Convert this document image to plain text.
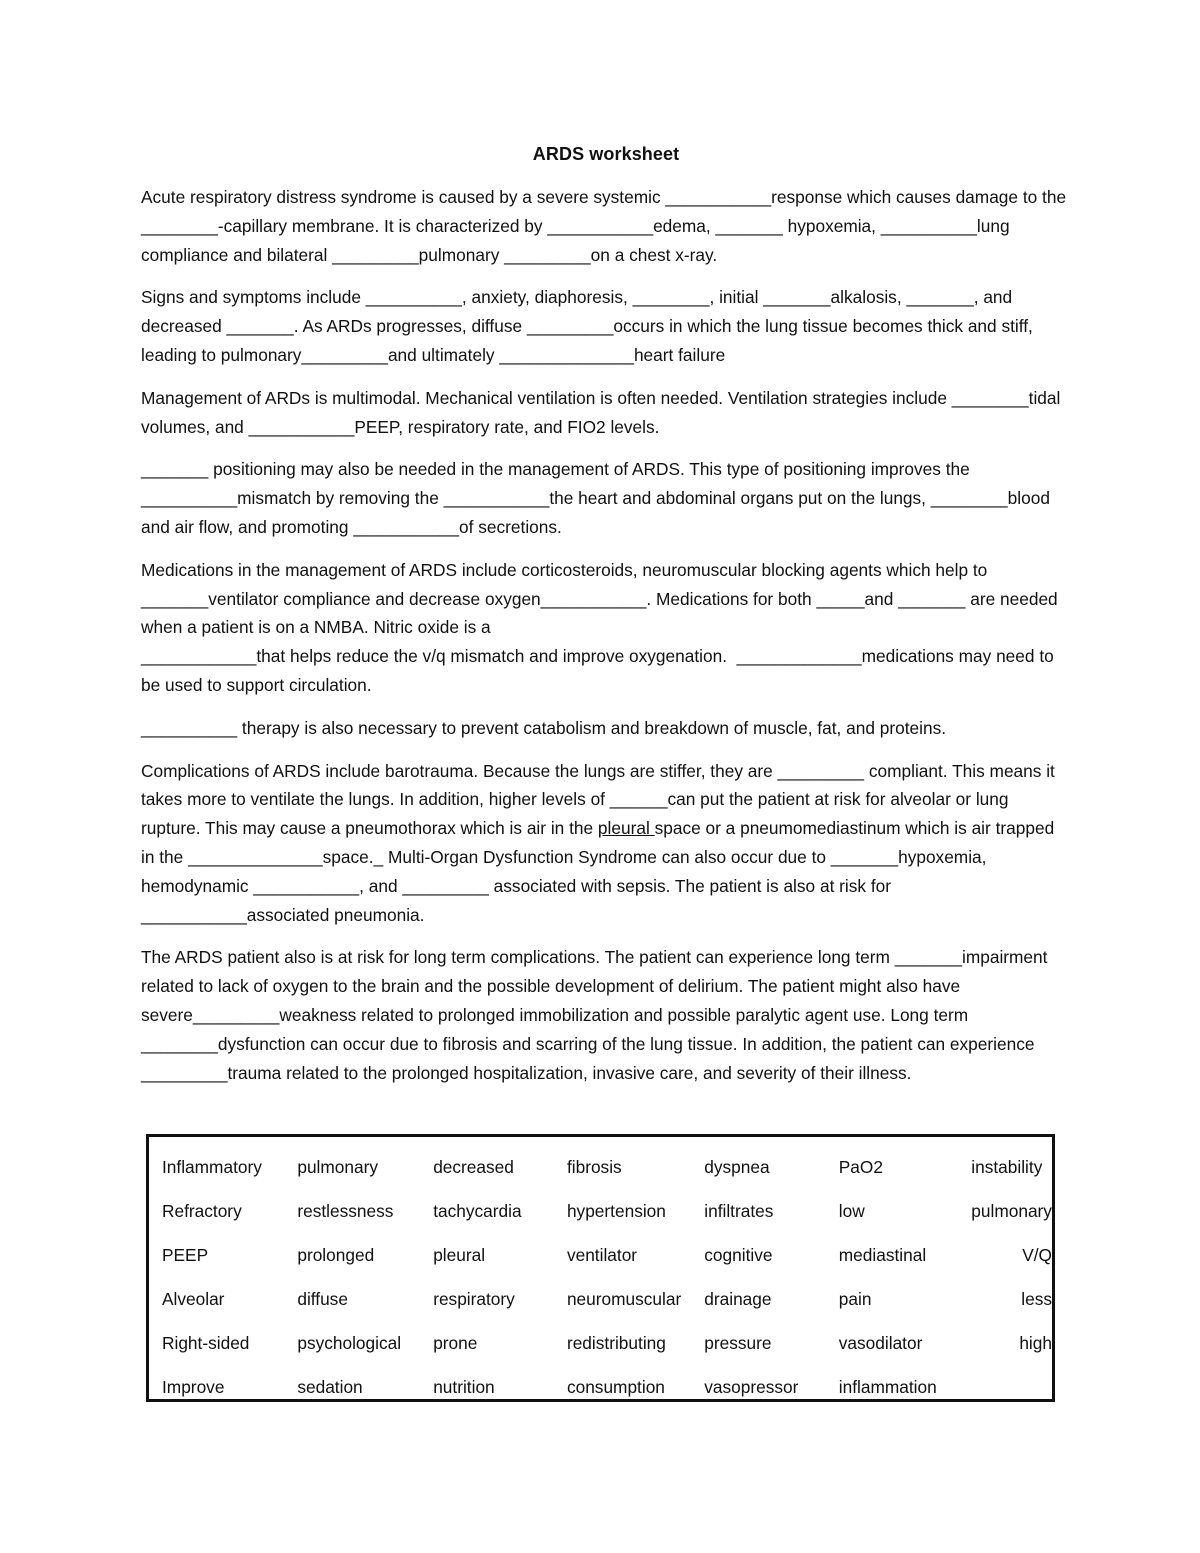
ARDS worksheet

Acute respiratory distress syndrome is caused by a severe systemic ___________response which causes damage to the ________-capillary membrane. It is characterized by ___________edema, _______ hypoxemia, __________lung compliance and bilateral _________pulmonary _________on a chest x-ray.

Signs and symptoms include __________, anxiety, diaphoresis, ________, initial _______alkalosis, _______, and decreased _______. As ARDs progresses, diffuse _________occurs in which the lung tissue becomes thick and stiff, leading to pulmonary_________and ultimately ______________heart failure

Management of ARDs is multimodal. Mechanical ventilation is often needed. Ventilation strategies include ________tidal volumes, and ___________PEEP, respiratory rate, and FIO2 levels.

_______ positioning may also be needed in the management of ARDS. This type of positioning improves the __________mismatch by removing the ___________the heart and abdominal organs put on the lungs, ________blood and air flow, and promoting ___________of secretions.

Medications in the management of ARDS include corticosteroids, neuromuscular blocking agents which help to _______ventilator compliance and decrease oxygen___________. Medications for both _____and _______ are needed when a patient is on a NMBA. Nitric oxide is a ____________that helps reduce the v/q mismatch and improve oxygenation.  _____________medications may need to be used to support circulation.

__________ therapy is also necessary to prevent catabolism and breakdown of muscle, fat, and proteins.

Complications of ARDS include barotrauma. Because the lungs are stiffer, they are _________ compliant. This means it takes more to ventilate the lungs. In addition, higher levels of ______can put the patient at risk for alveolar or lung rupture. This may cause a pneumothorax which is air in the pleural space or a pneumomediastinum which is air trapped in the ______________space._ Multi-Organ Dysfunction Syndrome can also occur due to _______hypoxemia, hemodynamic ___________, and _________ associated with sepsis. The patient is also at risk for ___________associated pneumonia.

The ARDS patient also is at risk for long term complications. The patient can experience long term _______impairment related to lack of oxygen to the brain and the possible development of delirium. The patient might also have severe_________weakness related to prolonged immobilization and possible paralytic agent use. Long term ________dysfunction can occur due to fibrosis and scarring of the lung tissue. In addition, the patient can experience _________trauma related to the prolonged hospitalization, invasive care, and severity of their illness.

Inflammatory	pulmonary	decreased	fibrosis	dyspnea	PaO2	instability
Refractory	restlessness	tachycardia	hypertension	infiltrates	low	pulmonary
PEEP	prolonged	pleural	ventilator	cognitive	mediastinal	V/Q
Alveolar	diffuse	respiratory	neuromuscular	drainage	pain	less
Right-sided	psychological	prone	redistributing	pressure	vasodilator	high
Improve	sedation	nutrition	consumption	vasopressor	inflammation	
